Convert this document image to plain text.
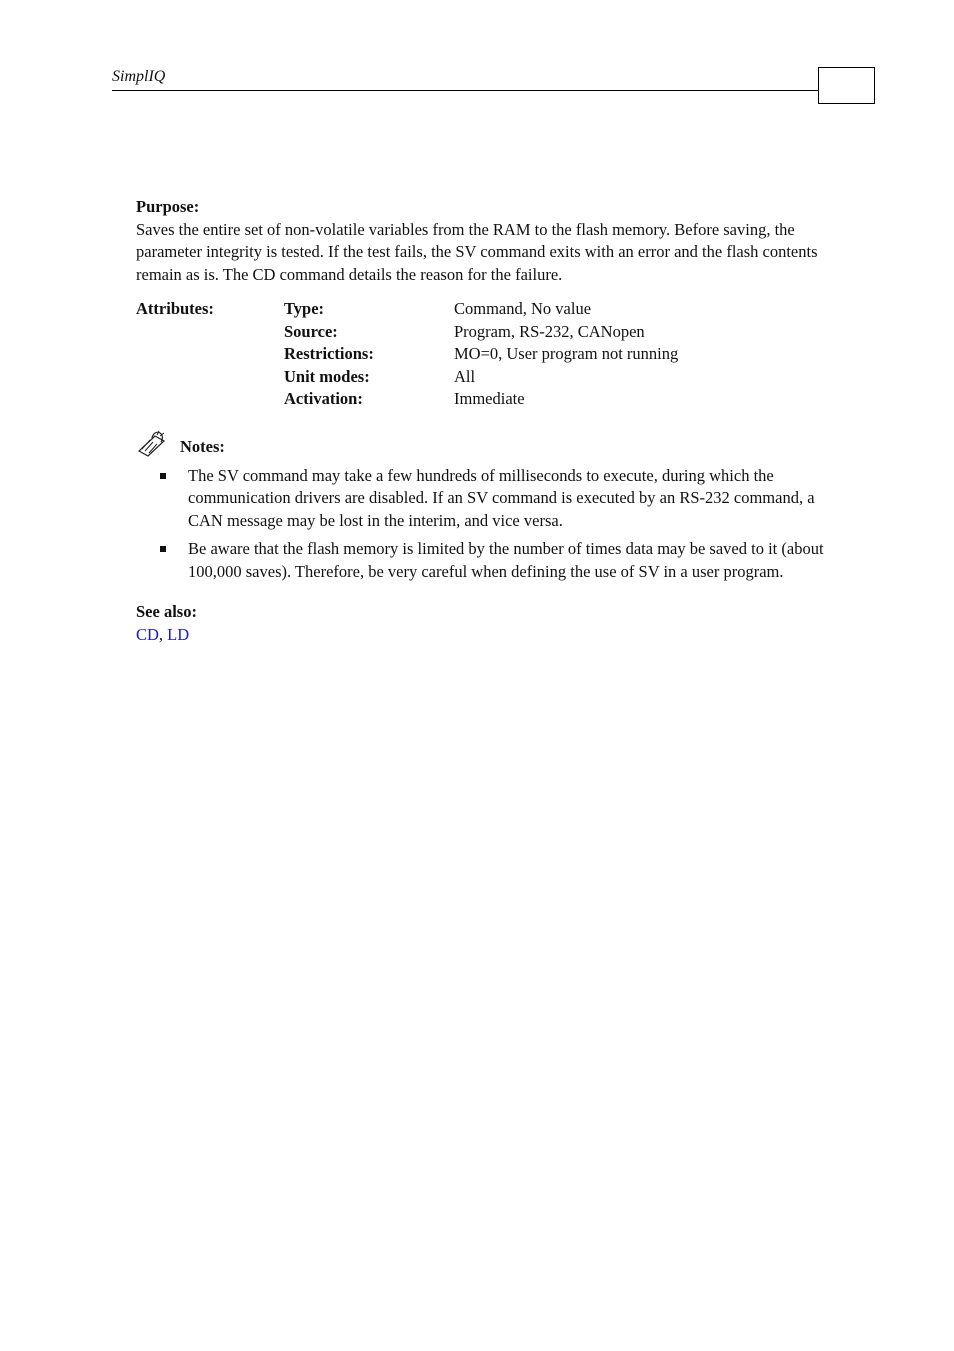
SimplIQ
Purpose:

Saves the entire set of non-volatile variables from the RAM to the flash memory. Before saving, the parameter integrity is tested. If the test fails, the SV command exits with an error and the flash contents remain as is. The CD command details the reason for the failure.

Attributes:	Type:	Command, No value
Source:	Program, RS-232, CANopen
Restrictions:	MO=0, User program not running
Unit modes:	All
Activation:	Immediate
Notes:
The SV command may take a few hundreds of milliseconds to execute, during which the communication drivers are disabled. If an SV command is executed by an RS-232 command, a CAN message may be lost in the interim, and vice versa.
Be aware that the flash memory is limited by the number of times data may be saved to it (about 100,000 saves). Therefore, be very careful when defining the use of SV in a user program.
See also:
CD, LD
